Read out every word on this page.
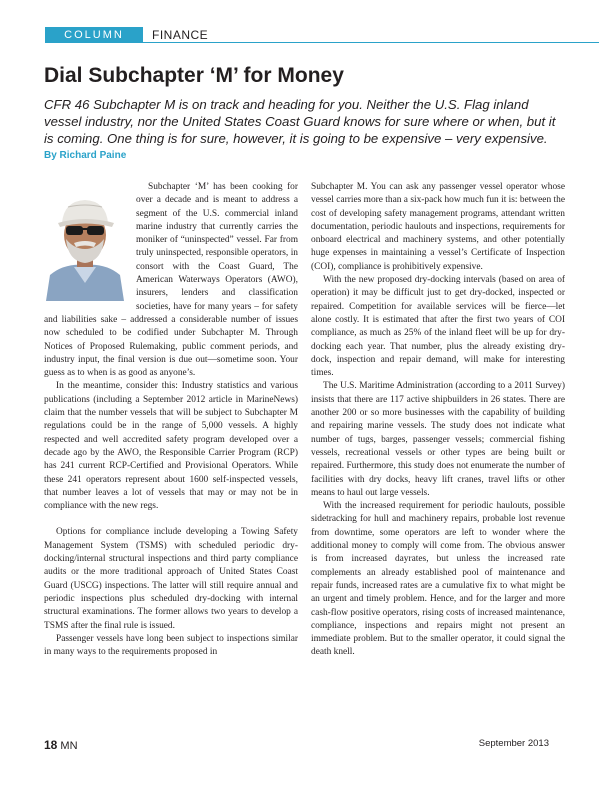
COLUMN	FINANCE
Dial Subchapter ‘M’ for Money
CFR 46 Subchapter M is on track and heading for you. Neither the U.S. Flag inland vessel industry, nor the United States Coast Guard knows for sure where or when, but it is coming. One thing is for sure, however, it is going to be expensive – very expensive.
By Richard Paine

Subchapter ‘M’ has been cooking for over a decade and is meant to address a segment of the U.S. commercial inland marine industry that currently carries the moniker of “uninspected” vessel. Far from truly uninspected, responsible operators, in consort with the Coast Guard, The American Waterways Operators (AWO), insurers, lenders and classification societies, have for many years – for safety and liabilities sake – addressed a considerable number of issues now scheduled to be codified under Subchapter M. Through Notices of Proposed Rulemaking, public comment periods, and industry input, the final version is due out—sometime soon. Your guess as to when is as good as anyone’s.

In the meantime, consider this: Industry statistics and various publications (including a September 2012 article in MarineNews) claim that the number vessels that will be subject to Subchapter M regulations could be in the range of 5,000 vessels. A highly respected and well accredited safety program developed over a decade ago by the AWO, the Responsible Carrier Program (RCP) has 241 current RCP-Certified and Provisional Operators. While these 241 operators represent about 1600 self-inspected vessels, that number leaves a lot of vessels that may or may not be in compliance with the new regs.

Options for compliance include developing a Towing Safety Management System (TSMS) with scheduled periodic dry-docking/internal structural inspections and third party compliance audits or the more traditional approach of United States Coast Guard (USCG) inspections. The latter will still require annual and periodic inspections plus scheduled dry-docking with internal structural examinations. The former allows two years to develop a TSMS after the final rule is issued.

Passenger vessels have long been subject to inspections similar in many ways to the requirements proposed in

Subchapter M. You can ask any passenger vessel operator whose vessel carries more than a six-pack how much fun it is: between the cost of developing safety management programs, attendant written documentation, periodic haulouts and inspections, requirements for onboard electrical and machinery systems, and other potentially huge expenses in maintaining a vessel’s Certificate of Inspection (COI), compliance is prohibitively expensive.

With the new proposed dry-docking intervals (based on area of operation) it may be difficult just to get dry-docked, inspected or repaired. Competition for available services will be fierce—let alone costly. It is estimated that after the first two years of COI compliance, as much as 25% of the inland fleet will be up for dry-docking each year. That number, plus the already existing dry-dock, inspection and repair demand, will make for interesting times.

The U.S. Maritime Administration (according to a 2011 Survey) insists that there are 117 active shipbuilders in 26 states. There are another 200 or so more businesses with the capability of building and repairing marine vessels. The study does not indicate what number of tugs, barges, passenger vessels; commercial fishing vessels, recreational vessels or other types are being built or repaired. Furthermore, this study does not enumerate the number of facilities with dry docks, heavy lift cranes, travel lifts or other means to haul out large vessels.

With the increased requirement for periodic haulouts, possible sidetracking for hull and machinery repairs, probable lost revenue from downtime, some operators are left to wonder where the additional money to comply will come from. The obvious answer is from increased dayrates, but unless the increased rate complements an already established pool of maintenance and repair funds, increased rates are a cumulative fix to what might be an urgent and timely problem. Hence, and for the larger and more cash-flow positive operators, rising costs of increased maintenance, compliance, inspections and repairs might not present an immediate problem. But to the smaller operator, it could signal the death knell.

18 MN	September 2013
